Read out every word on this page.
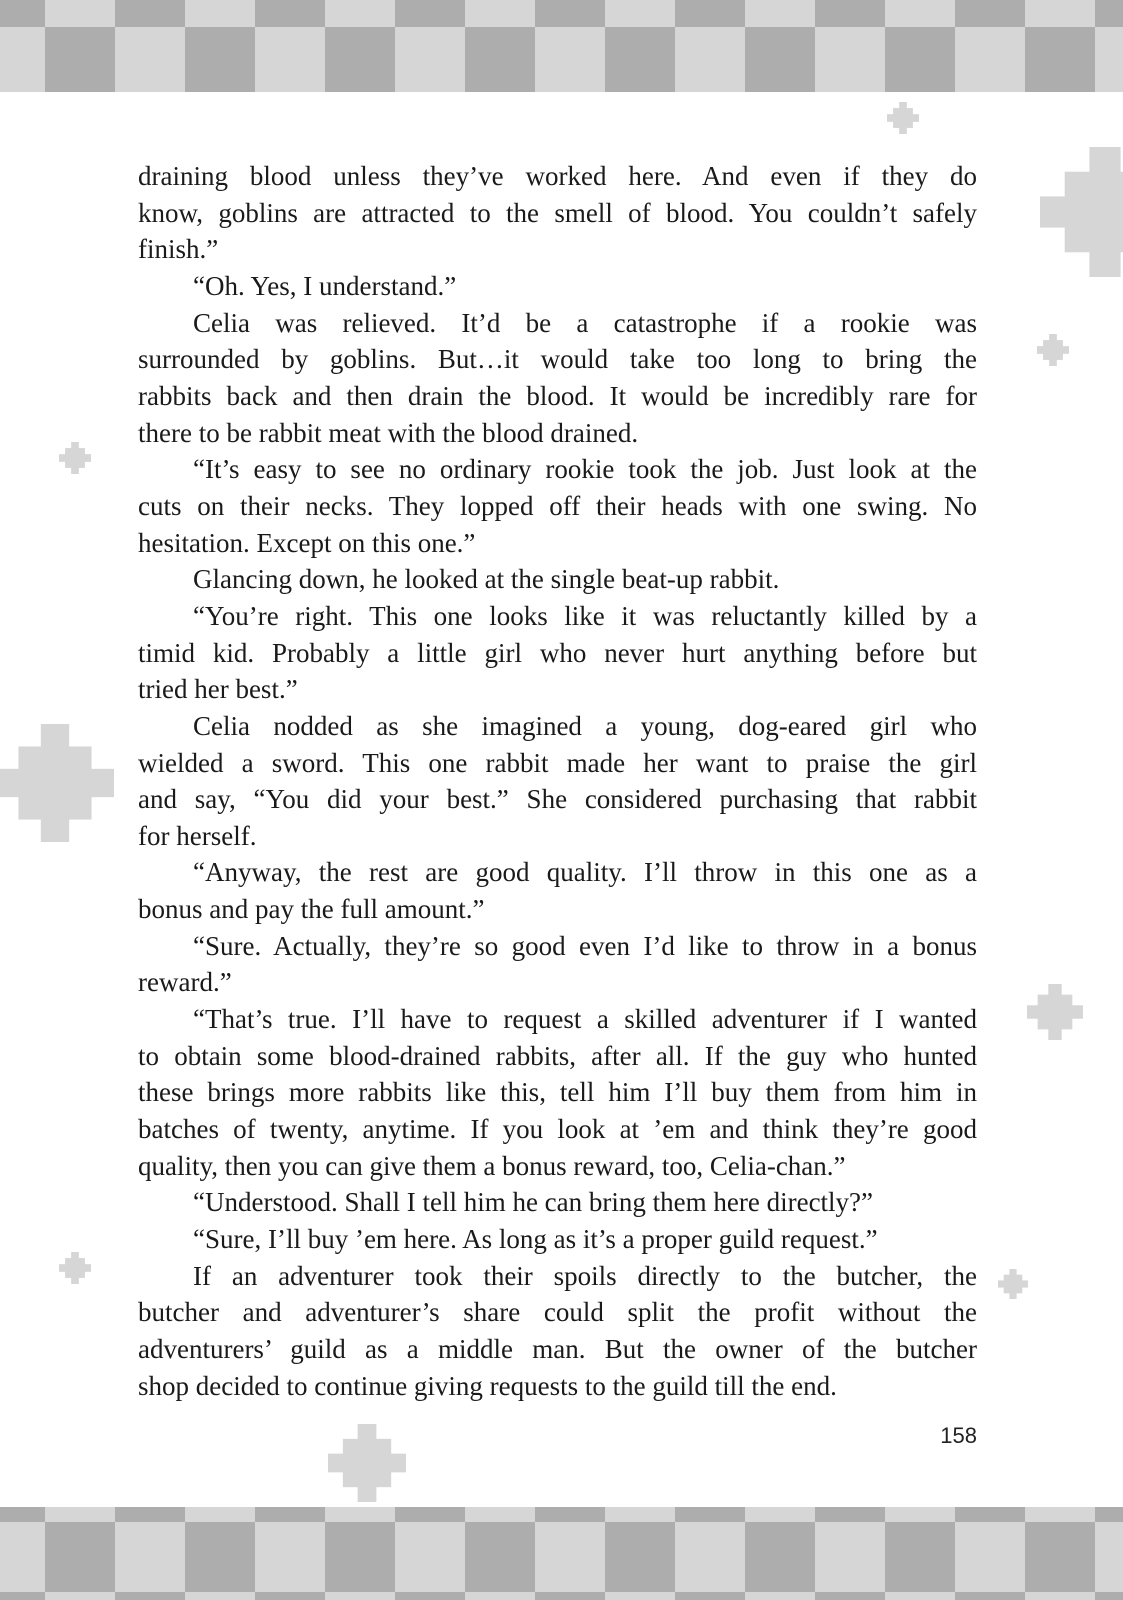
draining blood unless they’ve worked here. And even if they do
know, goblins are attracted to the smell of blood. You couldn’t safely
finish.”
“Oh. Yes, I understand.”
Celia was relieved. It’d be a catastrophe if a rookie was
surrounded by goblins. But…it would take too long to bring the
rabbits back and then drain the blood. It would be incredibly rare for
there to be rabbit meat with the blood drained.
“It’s easy to see no ordinary rookie took the job. Just look at the
cuts on their necks. They lopped off their heads with one swing. No
hesitation. Except on this one.”
Glancing down, he looked at the single beat-up rabbit.
“You’re right. This one looks like it was reluctantly killed by a
timid kid. Probably a little girl who never hurt anything before but
tried her best.”
Celia nodded as she imagined a young, dog-eared girl who
wielded a sword. This one rabbit made her want to praise the girl
and say, “You did your best.” She considered purchasing that rabbit
for herself.
“Anyway, the rest are good quality. I’ll throw in this one as a
bonus and pay the full amount.”
“Sure. Actually, they’re so good even I’d like to throw in a bonus
reward.”
“That’s true. I’ll have to request a skilled adventurer if I wanted
to obtain some blood-drained rabbits, after all. If the guy who hunted
these brings more rabbits like this, tell him I’ll buy them from him in
batches of twenty, anytime. If you look at ’em and think they’re good
quality, then you can give them a bonus reward, too, Celia-chan.”
“Understood. Shall I tell him he can bring them here directly?”
“Sure, I’ll buy ’em here. As long as it’s a proper guild request.”
If an adventurer took their spoils directly to the butcher, the
butcher and adventurer’s share could split the profit without the
adventurers’ guild as a middle man. But the owner of the butcher
shop decided to continue giving requests to the guild till the end.
158
